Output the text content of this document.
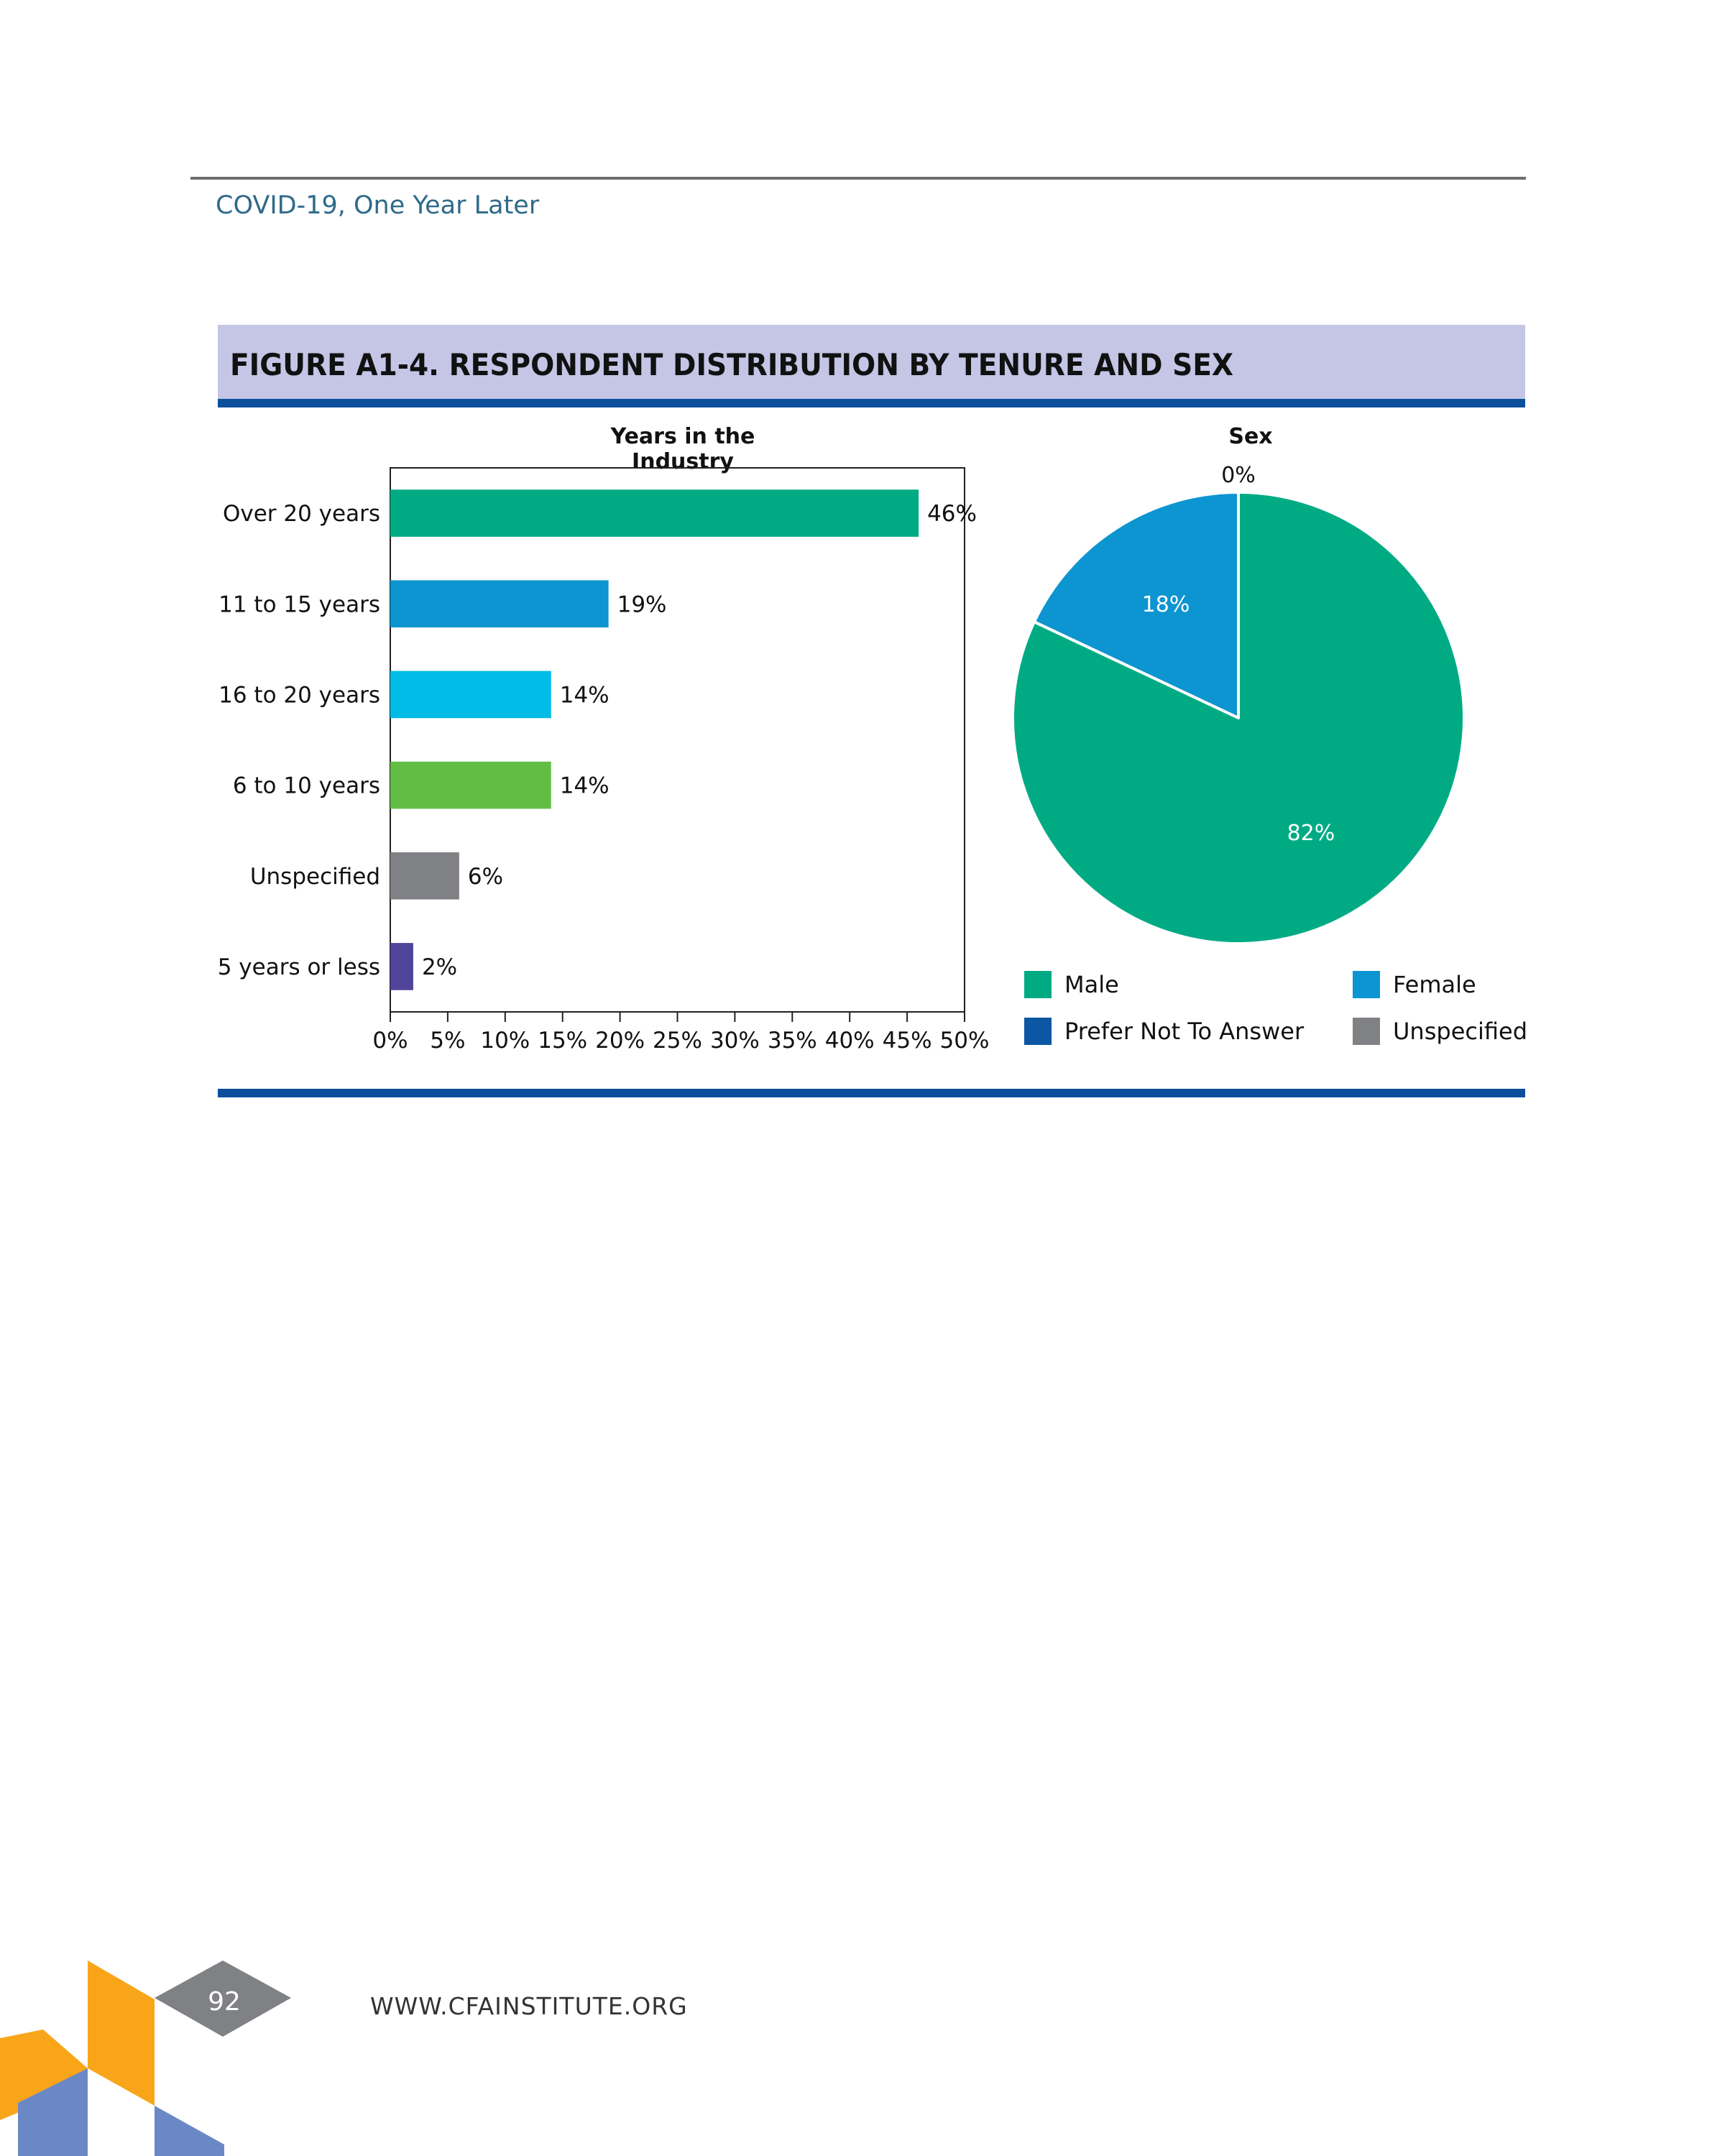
COVID-19, One Year Later
FIGURE A1-4. RESPONDENT DISTRIBUTION BY TENURE AND SEX
Years in the Industry
Over 20 years	46%
11 to 15 years	19%
16 to 20 years	14%
6 to 10 years	14%
Unspecified	6%
5 years or less 2%
0% 5% 10% 15% 20% 25% 30% 35% 40% 45% 50%
Sex
18%
82%
0%
Male	Female
Prefer Not To Answer	Unspecified
92	WWW.CFAINSTITUTE.ORG
